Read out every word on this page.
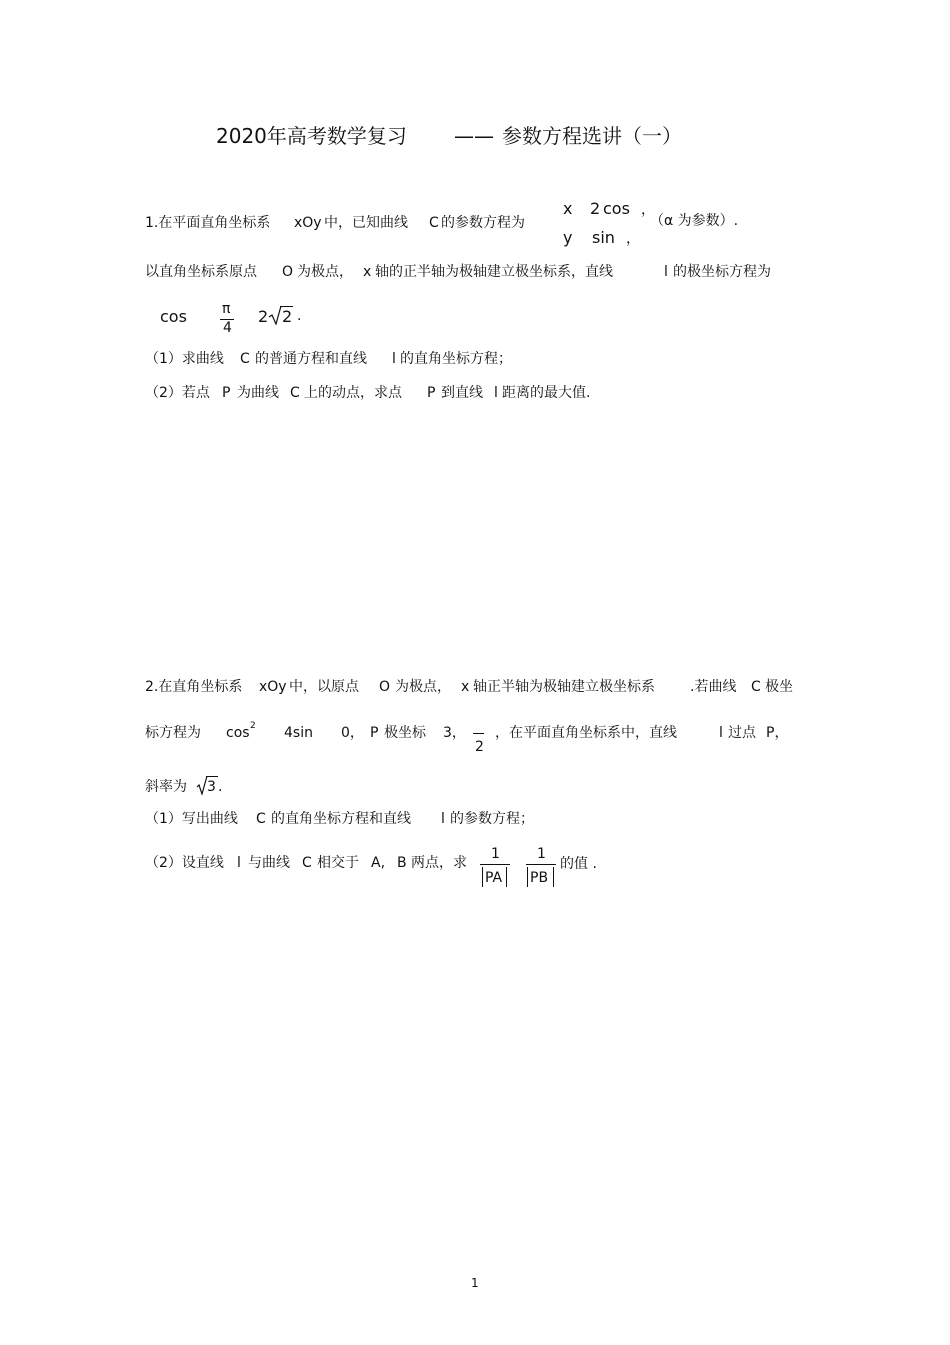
2020年高考数学复习 —— 参数方程选讲（一）
1.在平面直角坐标系 xOy 中，已知曲线 C 的参数方程为
x 2 cos ，
y sin ，
（α 为参数）.
以直角坐标系原点 O 为极点， x 轴的正半轴为极轴建立极坐标系，直线	l 的极坐标方程为
cos	π
4
2 2 .
（1）求曲线 C 的普通方程和直线 l 的直角坐标方程；
（2）若点 P 为曲线 C 上的动点，求点 P 到直线 l 距离的最大值.
2.在直角坐标系 xOy 中，以原点 O 为极点， x 轴正半轴为极轴建立极坐标系	.若曲线 C 极坐
标方程为 cos 2 4sin 0， P 极坐标 3，
2
，在平面直角坐标系中，直线	l 过点 P，
斜率为 3 .
（1）写出曲线 C 的直角坐标方程和直线 l 的参数方程；
（2）设直线 l 与曲线 C 相交于 A, B 两点，求
1
PA
1
PB
的值 .
1
